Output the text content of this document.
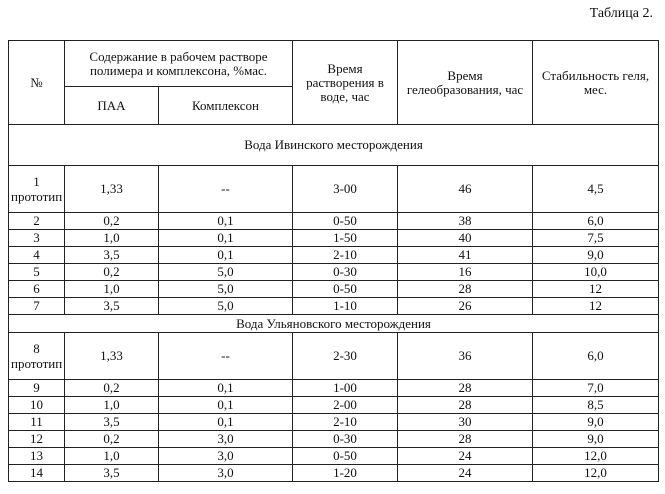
Таблица 2.
№	Содержание в рабочем растворе полимера и комплексона, %мас.	Время растворения в воде, час	Время гелеобразования, час	Стабильность геля, мес.
ПАА	Комплексон
Вода Ивинского месторождения
1 прототип	1,33	--	3-00	46	4,5
2	0,2	0,1	0-50	38	6,0
3	1,0	0,1	1-50	40	7,5
4	3,5	0,1	2-10	41	9,0
5	0,2	5,0	0-30	16	10,0
6	1,0	5,0	0-50	28	12
7	3,5	5,0	1-10	26	12
Вода Ульяновского месторождения
8 прототип	1,33	--	2-30	36	6,0
9	0,2	0,1	1-00	28	7,0
10	1,0	0,1	2-00	28	8,5
11	3,5	0,1	2-10	30	9,0
12	0,2	3,0	0-30	28	9,0
13	1,0	3,0	0-50	24	12,0
14	3,5	3,0	1-20	24	12,0
